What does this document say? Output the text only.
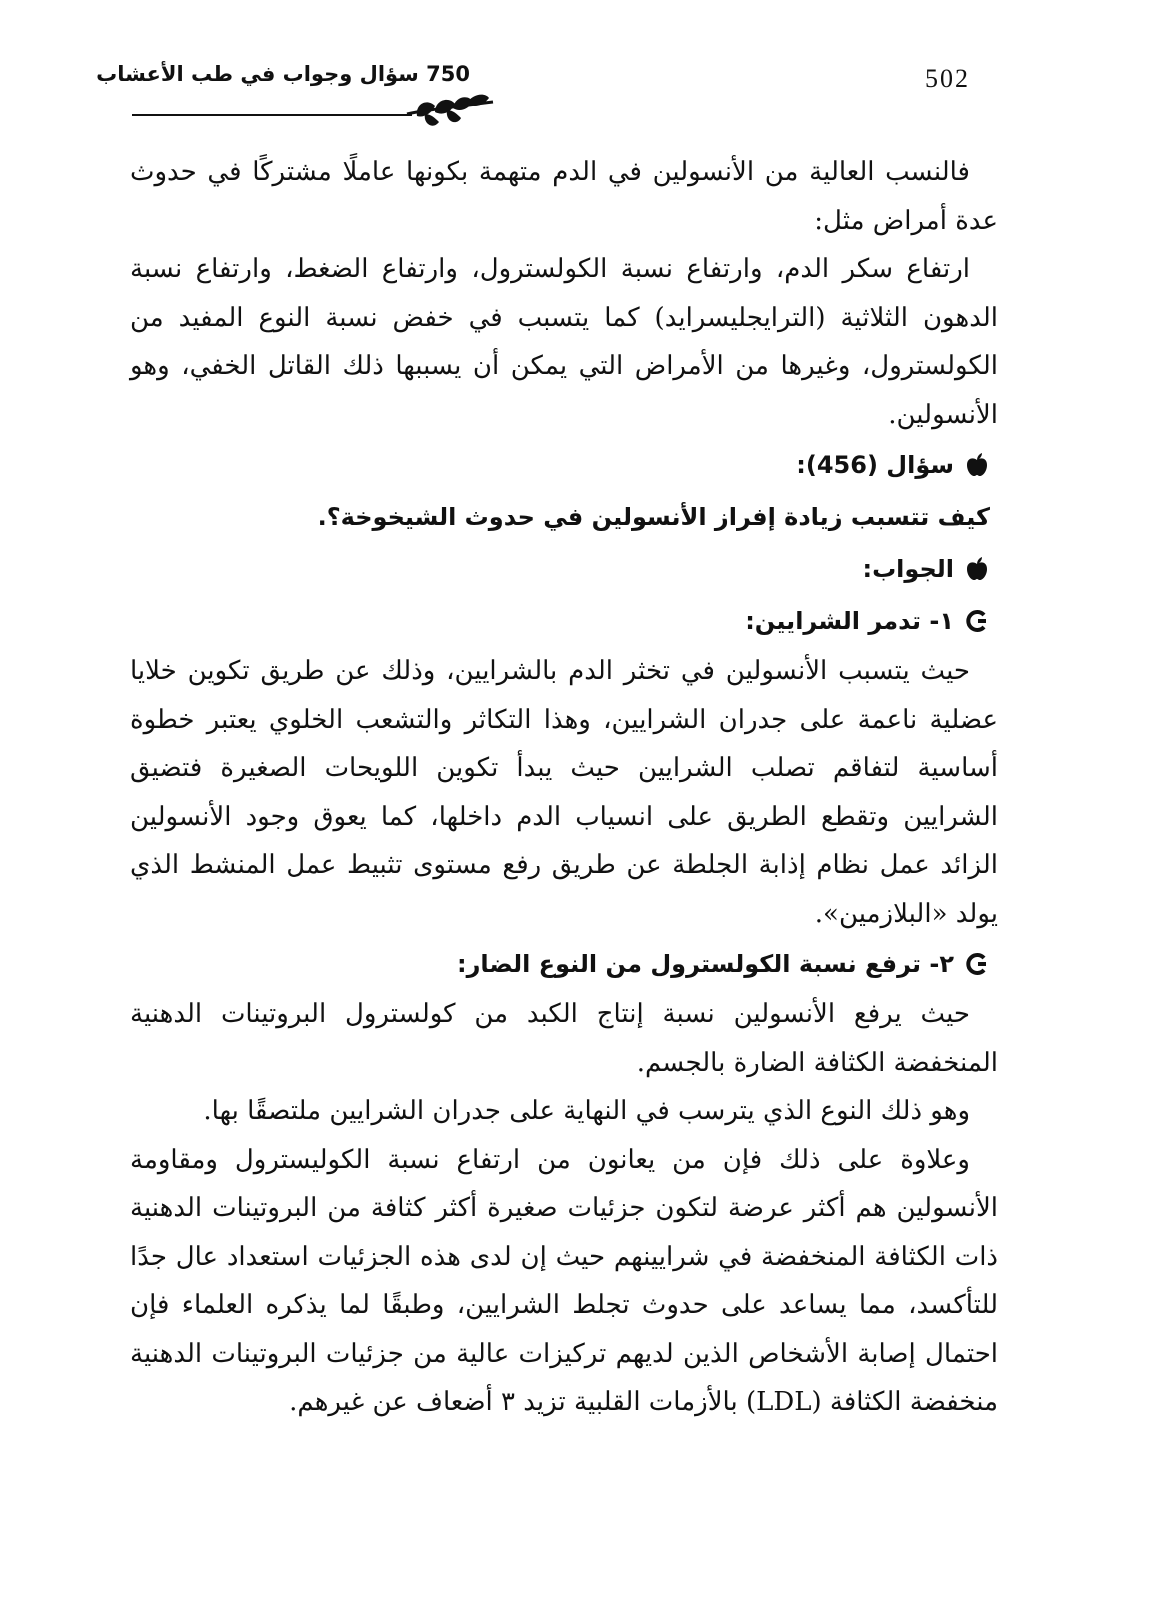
502
750 سؤال وجواب في طب الأعشاب

فالنسب العالية من الأنسولين في الدم متهمة بكونها عاملًا مشتركًا في حدوث عدة أمراض مثل:

ارتفاع سكر الدم، وارتفاع نسبة الكولسترول، وارتفاع الضغط، وارتفاع نسبة الدهون الثلاثية (الترايجليسرايد) كما يتسبب في خفض نسبة النوع المفيد من الكولسترول، وغيرها من الأمراض التي يمكن أن يسببها ذلك القاتل الخفي، وهو الأنسولين.

سؤال (456):

كيف تتسبب زيادة إفراز الأنسولين في حدوث الشيخوخة؟.

الجواب:

١- تدمر الشرايين:

حيث يتسبب الأنسولين في تخثر الدم بالشرايين، وذلك عن طريق تكوين خلايا عضلية ناعمة على جدران الشرايين، وهذا التكاثر والتشعب الخلوي يعتبر خطوة أساسية لتفاقم تصلب الشرايين حيث يبدأ تكوين اللويحات الصغيرة فتضيق الشرايين وتقطع الطريق على انسياب الدم داخلها، كما يعوق وجود الأنسولين الزائد عمل نظام إذابة الجلطة عن طريق رفع مستوى تثبيط عمل المنشط الذي يولد «البلازمين».

٢- ترفع نسبة الكولسترول من النوع الضار:

حيث يرفع الأنسولين نسبة إنتاج الكبد من كولسترول البروتينات الدهنية المنخفضة الكثافة الضارة بالجسم.

وهو ذلك النوع الذي يترسب في النهاية على جدران الشرايين ملتصقًا بها.

وعلاوة على ذلك فإن من يعانون من ارتفاع نسبة الكوليسترول ومقاومة الأنسولين هم أكثر عرضة لتكون جزئيات صغيرة أكثر كثافة من البروتينات الدهنية ذات الكثافة المنخفضة في شرايينهم حيث إن لدى هذه الجزئيات استعداد عال جدًا للتأكسد، مما يساعد على حدوث تجلط الشرايين، وطبقًا لما يذكره العلماء فإن احتمال إصابة الأشخاص الذين لديهم تركيزات عالية من جزئيات البروتينات الدهنية منخفضة الكثافة (LDL) بالأزمات القلبية تزيد ٣ أضعاف عن غيرهم.
